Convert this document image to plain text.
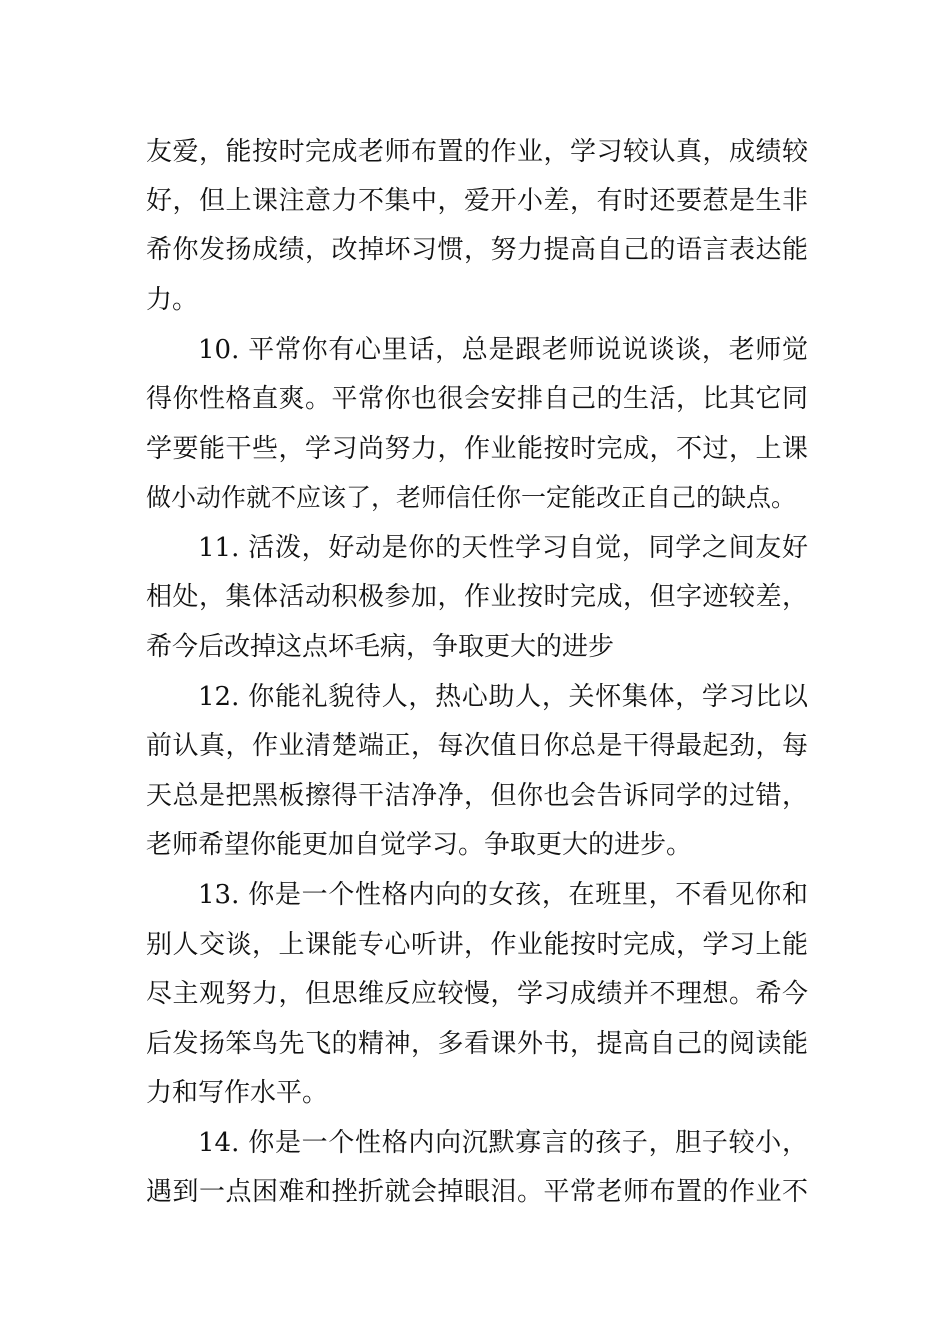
友爱，能按时完成老师布置的作业，学习较认真，成绩较
好，但上课注意力不集中，爱开小差，有时还要惹是生非
希你发扬成绩，改掉坏习惯，努力提高自己的语言表达能
力。
10. 平常你有心里话，总是跟老师说说谈谈，老师觉
得你性格直爽。平常你也很会安排自己的生活，比其它同
学要能干些，学习尚努力，作业能按时完成，不过，上课
做小动作就不应该了，老师信任你一定能改正自己的缺点。
11. 活泼，好动是你的天性学习自觉，同学之间友好
相处，集体活动积极参加，作业按时完成，但字迹较差，
希今后改掉这点坏毛病，争取更大的进步
12. 你能礼貌待人，热心助人，关怀集体，学习比以
前认真，作业清楚端正，每次值日你总是干得最起劲，每
天总是把黑板擦得干洁净净，但你也会告诉同学的过错，
老师希望你能更加自觉学习。争取更大的进步。
13. 你是一个性格内向的女孩，在班里，不看见你和
别人交谈，上课能专心听讲，作业能按时完成，学习上能
尽主观努力，但思维反应较慢，学习成绩并不理想。希今
后发扬笨鸟先飞的精神，多看课外书，提高自己的阅读能
力和写作水平。
14. 你是一个性格内向沉默寡言的孩子，胆子较小，
遇到一点困难和挫折就会掉眼泪。平常老师布置的作业不
